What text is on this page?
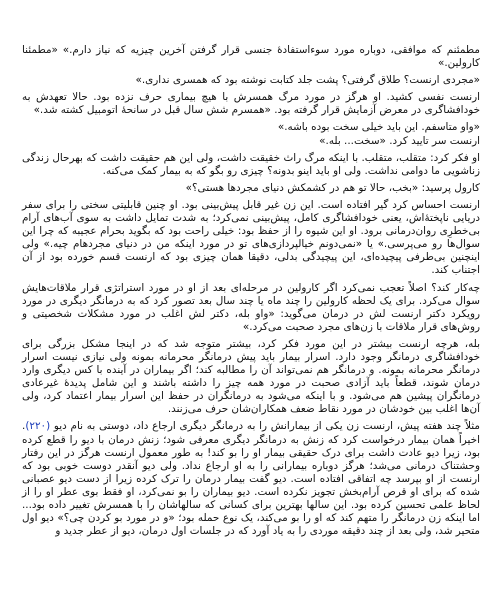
مطمئنم که موافقی، دوباره مورد سوءاستفادهٔ جنسی قرار گرفتن آخرین چیزیه که نیاز دارم.» «مطمئنا کارولین.»

«مجردی ارنست؟ طلاق گرفتی؟ پشت جلد کتابت نوشته بود که همسری نداری.»

ارنست نفسی کشید. او هرگز در مورد مرگ همسرش با هیچ بیماری حرف نزده بود. حالا تعهدش به خودافشاگری در معرض آزمایش قرار گرفته بود. «همسرم شش سال قبل در سانحهٔ اتومبیل کشته شد.»

«واو متاسفم. این باید خیلی سخت بوده باشه.»

ارنست سر تایید کرد. «سخت... بله.»

او فکر کرد: متقلب، متقلب. با اینکه مرگ راث خقیقت داشت، ولی این هم حقیقت داشت که بهرحال زندگی زناشویی ما دوامی نداشت. ولی او باید اینو بدونه؟ چیزی رو بگو که به بیمار کمک می‌کنه.

کارول پرسید: «بخب، حالا تو هم در کشمکش دنیای مجردها هستی؟»

ارنست احساس کرد گیر افتاده است. این زن غیر قابل پیش‌بینی بود. او چنین قابلیتی سختی را برای سفر دریایی ناپختهٔ‌اش، یعنی خودافشاگری کامل، پیش‌بینی نمی‌کرد؛ به شدت تمایل داشت به سوی آب‌های آرام بی‌خطرِی روان‌درمانی برود. او این شیوه را از حفظ بود: خیلی راحت بود که بگوید بحرام عجیبه که چرا این سوال‌ها رو می‌پرسی.» یا «نمی‌دونم خیالپردازی‌های تو در مورد اینکه من در دنیای مجردهام چیه.» ولی اینچنین بی‌طرفی پیچیده‌ای، این پیچیدگی بدلی، دقیقا همان چیزی بود که ارنست قسم خورده بود از آن اجتناب کند.

چه‌کار کند؟ اصلاً تعجب نمی‌کرد اگر کارولین در مرحله‌ای بعد از او در مورد استراتژی قرار ملاقات‌هایش سوال می‌کرد. برای یک لحظه کارولین را چند ماه یا چند سال بعد تصور کرد که به درمانگر دیگری در مورد رویکرد دکتر ارنست لش در درمان می‌گوید: «واو بله، دکتر لش اغلب در مورد مشکلات شخصیتی و روش‌های قرار ملاقات با زن‌های مجرد صحبت می‌کرد.»

بله، هرچه ارنست بیشتر در این مورد فکر کرد، بیشتر متوجه شد که در اینجا مشکل بزرگی برای خودافشاگری درمانگر وجود دارد. اسرار بیمار باید پیش درمانگر محرمانه بمونه ولی نیازی نیست اسرار درمانگر محرمانه بمونه. و درمانگر هم نمی‌تواند آن را مطالبه کند؛ اگر بیماران در آینده با کس دیگری وارد درمان شوند، قطعاً باید آزادی صحبت در مورد همه چیز را داشته باشند و این شامل پدیدهٔ غیرعادی درمانگران پیشین هم می‌شود. و با اینکه می‌شود به درمانگران در حفظ این اسرار بیمار اعتماد کرد، ولی آن‌ها اغلب بین خودشان در مورد نقاط ضعف همکاران‌شان حرف می‌زنند.

مثلاً چند هفته پیش، ارنست زن یکی از بیمارانش را به درمانگر دیگری ارجاع داد، دوستی به نام دیو (۲۲۰). اخیراً همان بیمار درخواست کرد که زنش به درمانگر دیگری معرفی شود؛ زنش درمان با دیو را قطع کرده بود، زیرا دیو عادت داشت برای درک حقیقی بیمار او را بو کند! به طور معمول ارنست هرگز در این رفتار وحشتناک درمانی می‌شد؛ هرگز دوباره بیمارانی را به او ارجاع نداد. ولی دیو آنقدر دوست خوبی بود که ارنست از او بپرسد چه اتفاقی افتاده است. دیو گفت بیمار درمان را ترک کرده زیرا از دست دیو عصبانی شده که برای او قرص آرام‌بخش تجویز نکرده است. دیو بیماران را بو نمی‌کرد، او فقط بوی عطر او را از لحاظ علمی تحسین کرده بود. این سالها بهترین برای کسانی که سالها‌شان را با همسرش تغییر داده بود... اما اینکه زن درمانگر را متهم کند که او را بو می‌کند، یک نوع حمله بود؛ «و در مورد بو کردن چی؟» دیو اول متحیر شد، ولی بعد از چند دقیقه موردی را به یاد آورد که در جلسات اول درمان، دیو از عطر جدید و
